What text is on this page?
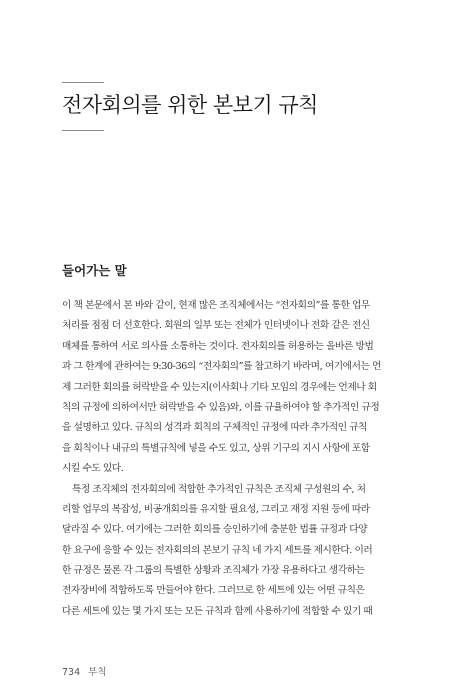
전자회의를 위한 본보기 규칙
들어가는 말
이 책 본문에서 본 바와 같이, 현재 많은 조직체에서는 “전자회의”를 통한 업무
처리를 점점 더 선호한다. 회원의 일부 또는 전체가 인터넷이나 전화 같은 전신
매체를 통하여 서로 의사를 소통하는 것이다. 전자회의를 허용하는 올바른 방법
과 그 한계에 관하여는 9:30-36의 “전자회의”를 참고하기 바라며, 여기에서는 언
제 그러한 회의를 허락받을 수 있는지(이사회나 기타 모임의 경우에는 언제나 회
칙의 규정에 의하여서만 허락받을 수 있음)와, 이를 규율하여야 할 추가적인 규정
을 설명하고 있다. 규칙의 성격과 회칙의 구체적인 규정에 따라 추가적인 규칙
을 회칙이나 내규의 특별규칙에 넣을 수도 있고, 상위 기구의 지시 사항에 포함
시킬 수도 있다.
특정 조직체의 전자회의에 적합한 추가적인 규칙은 조직체 구성원의 수, 처
리할 업무의 복잡성, 비공개회의를 유지할 필요성, 그리고 재정 지원 등에 따라
달라질 수 있다. 여기에는 그러한 회의를 승인하기에 충분한 법률 규정과 다양
한 요구에 응할 수 있는 전자회의의 본보기 규칙 네 가지 세트를 제시한다. 이러
한 규정은 물론 각 그룹의 특별한 상황과 조직체가 가장 유용하다고 생각하는
전자장비에 적합하도록 만들어야 한다. 그러므로 한 세트에 있는 어떤 규칙은
다른 세트에 있는 몇 가지 또는 모든 규칙과 함께 사용하기에 적합할 수 있기 때
734 부칙
